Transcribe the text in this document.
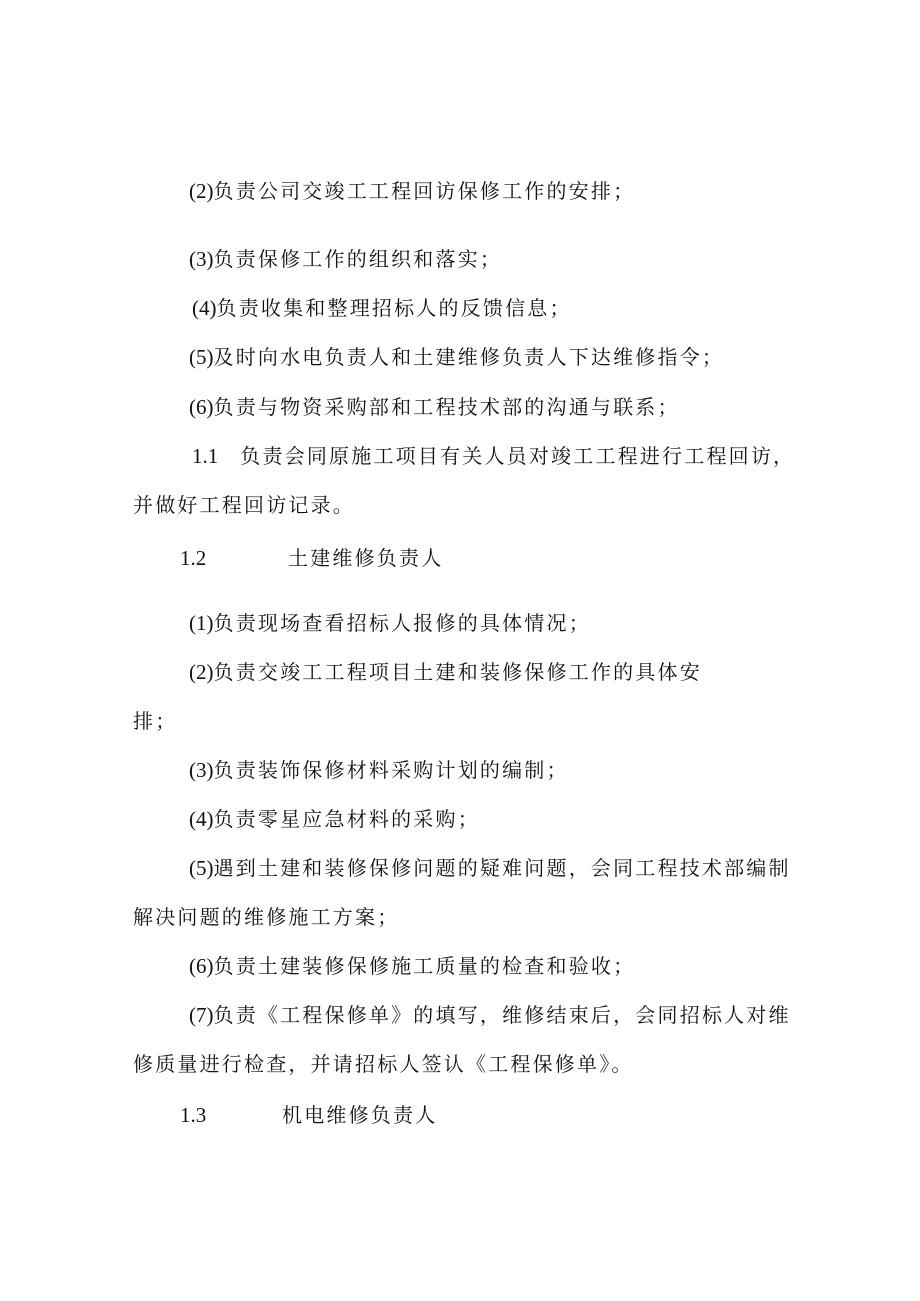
(2)负责公司交竣工工程回访保修工作的安排；
(3)负责保修工作的组织和落实；
(4)负责收集和整理招标人的反馈信息；
(5)及时向水电负责人和土建维修负责人下达维修指令；
(6)负责与物资采购部和工程技术部的沟通与联系；
1.1 负责会同原施工项目有关人员对竣工工程进行工程回访，
并做好工程回访记录。
1.2	土建维修负责人
(1)负责现场查看招标人报修的具体情况；
(2)负责交竣工工程项目土建和装修保修工作的具体安
排；
(3)负责装饰保修材料采购计划的编制；
(4)负责零星应急材料的采购；
(5)遇到土建和装修保修问题的疑难问题，会同工程技术部编制
解决问题的维修施工方案；
(6)负责土建装修保修施工质量的检查和验收；
(7)负责《工程保修单》的填写，维修结束后，会同招标人对维
修质量进行检查，并请招标人签认《工程保修单》。
1.3	机电维修负责人
